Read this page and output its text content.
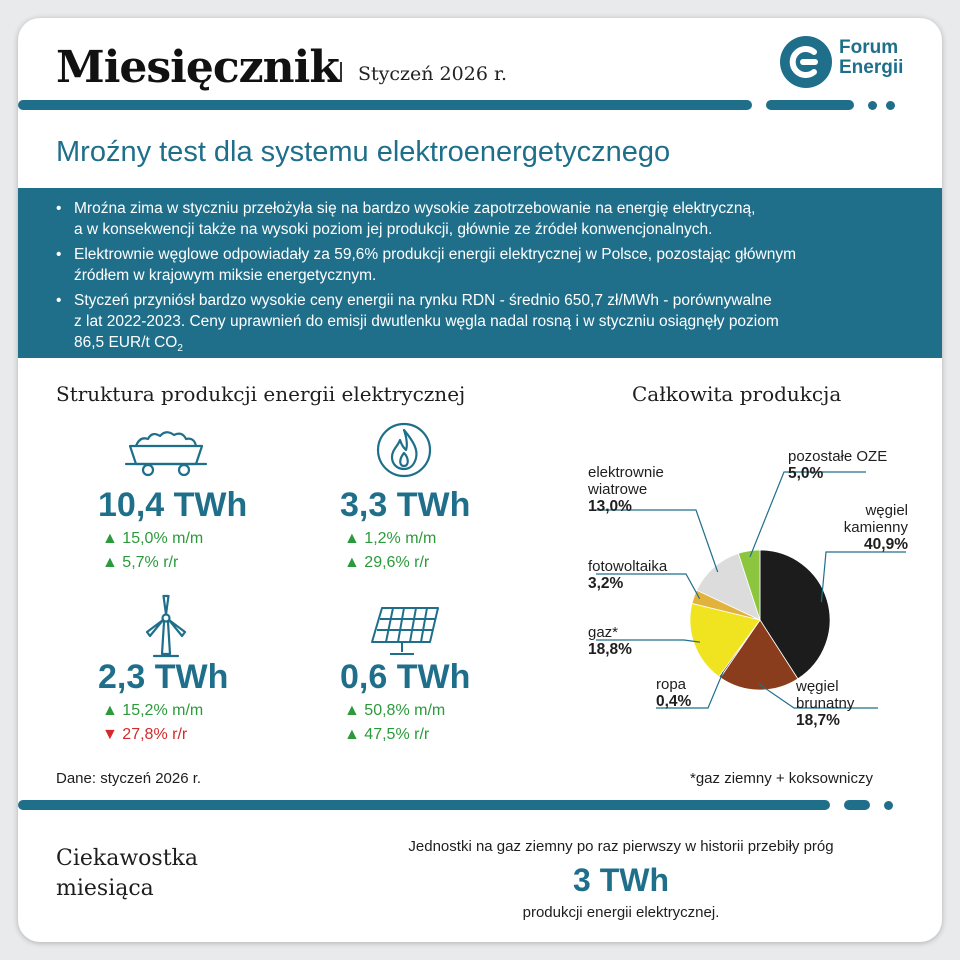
Miesięcznik Styczeń 2026 r.
Forum
Energii
Mroźny test dla systemu elektroenergetycznego
• Mroźna zima w styczniu przełożyła się na bardzo wysokie zapotrzebowanie na energię elektryczną,
a w konsekwencji także na wysoki poziom jej produkcji, głównie ze źródeł konwencjonalnych.
• Elektrownie węglowe odpowiadały za 59,6% produkcji energii elektrycznej w Polsce, pozostając głównym
źródłem w krajowym miksie energetycznym.
• Styczeń przyniósł bardzo wysokie ceny energii na rynku RDN - średnio 650,7 zł/MWh - porównywalne
z lat 2022-2023. Ceny uprawnień do emisji dwutlenku węgla nadal rosną i w styczniu osiągnęły poziom
86,5 EUR/t $CO_2$
Struktura produkcji energii elektrycznej
10,4 TWh
▲ 15,0% m/m
▲ 5,7% r/r
3,3 TWh
▲ 1,2% m/m
▲ 29,6% r/r
2,3 TWh
▲ 15,2% m/m
▼ 27,8% r/r
0,6 TWh
▲ 50,8% m/m
▲ 47,5% r/r
Dane: styczeń 2026 r.
Całkowita produkcja
pozostałe OZE
5,0%
węgiel
kamienny
40,9%
elektrownie
wiatrowe
13,0%
fotowoltaika
3,2%
gaz*
18,8%
ropa
0,4%
węgiel
brunatny
18,7%
*gaz ziemny + koksowniczy
Ciekawostka
miesiąca
Jednostki na gaz ziemny po raz pierwszy w historii przebiły próg
3 TWh
produkcji energii elektrycznej.
